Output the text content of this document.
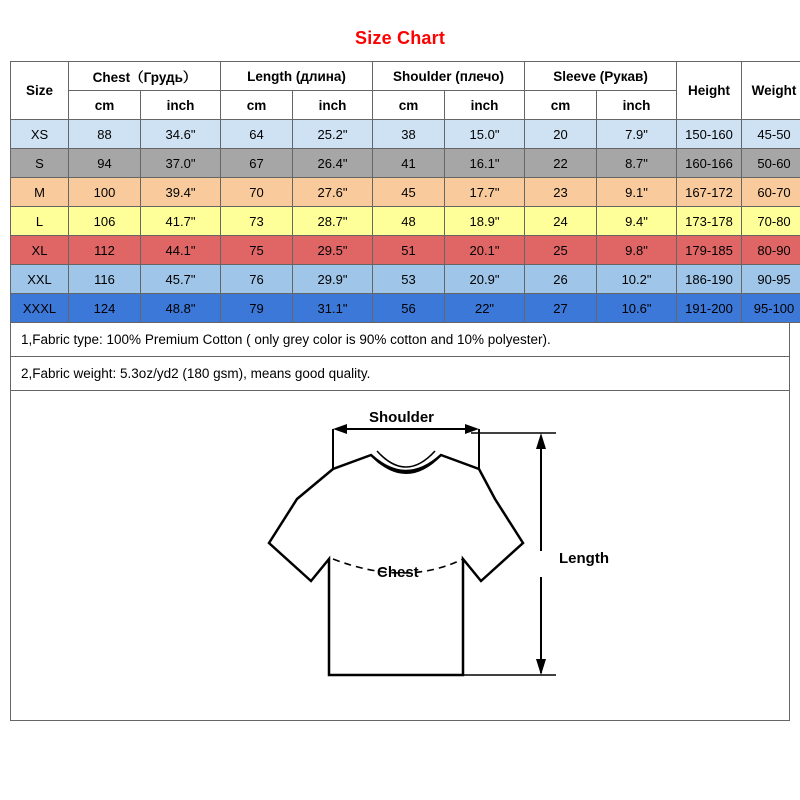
Size Chart
Size	Chest（Грудь）		Length (длина)		Shoulder (плечо)		Sleeve (Рукав)		Height	Weight

	cm	inch	cm	inch	cm	inch	cm	inch		
XS	88	34.6"	64	25.2"	38	15.0"	20	7.9"	150-160	45-50
S	94	37.0"	67	26.4"	41	16.1"	22	8.7"	160-166	50-60
M	100	39.4"	70	27.6"	45	17.7"	23	9.1"	167-172	60-70
L	106	41.7"	73	28.7"	48	18.9"	24	9.4"	173-178	70-80
XL	112	44.1"	75	29.5"	51	20.1"	25	9.8"	179-185	80-90
XXL	116	45.7"	76	29.9"	53	20.9"	26	10.2"	186-190	90-95
XXXL	124	48.8"	79	31.1"	56	22"	27	10.6"	191-200	95-100
1,Fabric type: 100% Premium Cotton ( only grey color is 90% cotton and 10% polyester).
2,Fabric weight: 5.3oz/yd2 (180 gsm), means good quality.
Shoulder
Chest
Length
